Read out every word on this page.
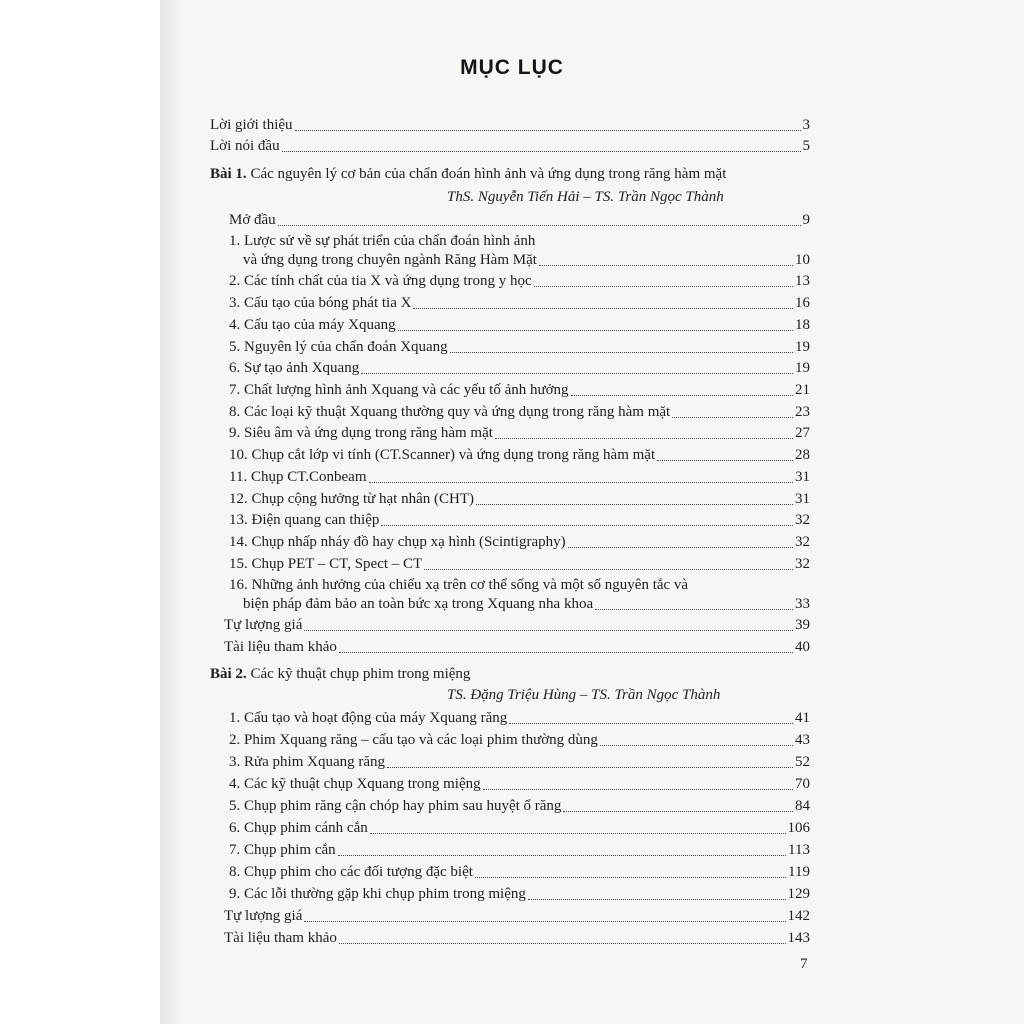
MỤC LỤC
Lời giới thiệu	3
Lời nói đầu	5
Bài 1. Các nguyên lý cơ bản của chẩn đoán hình ảnh và ứng dụng trong răng hàm mặt
ThS. Nguyễn Tiến Hải – TS. Trần Ngọc Thành
Mở đầu	9
1. Lược sử về sự phát triển của chẩn đoán hình ảnh
và ứng dụng trong chuyên ngành Răng Hàm Mặt	10
2. Các tính chất của tia X và ứng dụng trong y học	13
3. Cấu tạo của bóng phát tia X	16
4. Cấu tạo của máy Xquang	18
5. Nguyên lý của chẩn đoán Xquang	19
6. Sự tạo ảnh Xquang	19
7. Chất lượng hình ảnh Xquang và các yếu tố ảnh hưởng	21
8. Các loại kỹ thuật Xquang thường quy và ứng dụng trong răng hàm mặt	23
9. Siêu âm và ứng dụng trong răng hàm mặt	27
10. Chụp cắt lớp vi tính (CT.Scanner) và ứng dụng trong răng hàm mặt	28
11. Chụp CT.Conbeam	31
12. Chụp cộng hưởng từ hạt nhân (CHT)	31
13. Điện quang can thiệp	32
14. Chụp nhấp nháy đồ hay chụp xạ hình (Scintigraphy)	32
15. Chụp PET – CT, Spect – CT	32
16. Những ảnh hưởng của chiếu xạ trên cơ thể sống và một số nguyên tắc và
biện pháp đảm bảo an toàn bức xạ trong Xquang nha khoa	33
Tự lượng giá	39
Tài liệu tham khảo	40
Bài 2. Các kỹ thuật chụp phim trong miệng
TS. Đặng Triệu Hùng – TS. Trần Ngọc Thành
1. Cấu tạo và hoạt động của máy Xquang răng	41
2. Phim Xquang răng – cấu tạo và các loại phim thường dùng	43
3. Rửa phim Xquang răng	52
4. Các kỹ thuật chụp Xquang trong miệng	70
5. Chụp phim răng cận chóp hay phim sau huyệt ổ răng	84
6. Chụp phim cánh cắn	106
7. Chụp phim cắn	113
8. Chụp phim cho các đối tượng đặc biệt	119
9. Các lỗi thường gặp khi chụp phim trong miệng	129
Tự lượng giá	142
Tài liệu tham khảo	143
7
